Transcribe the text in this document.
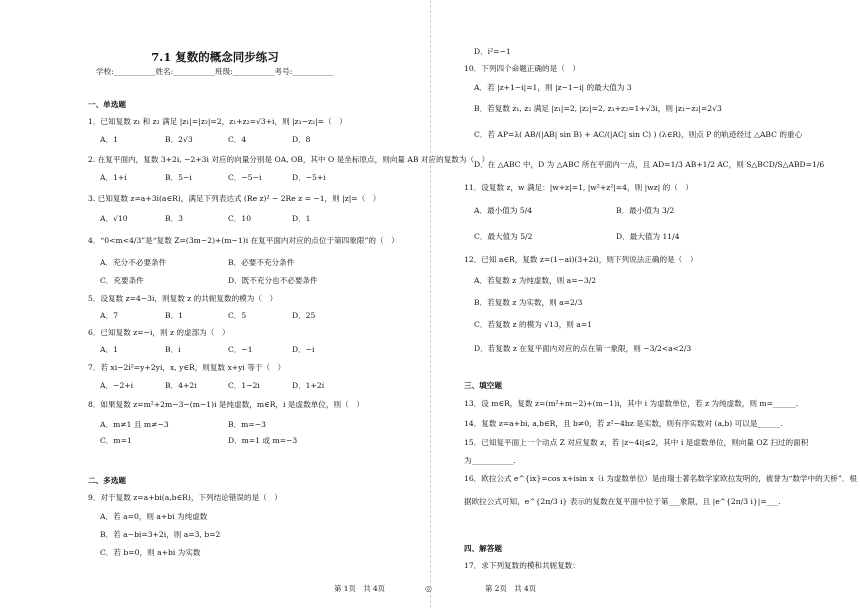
7.1 复数的概念同步练习
学校:___________姓名:___________班级:___________考号:___________
一、单选题
1．已知复数 z₁ 和 z₂ 满足 |z₁|=|z₂|=2，z₁+z₂=√3+i，则 |z₁−z₂|=（　）
A．1	B．2√3	C．4	D．8
2. 在复平面内，复数 3+2i, −2+3i 对应的向量分别是 OA, OB，其中 O 是坐标原点，则向量 AB 对应的复数为（　）
A．1+i	B．5−i	C．−5−i	D．−5+i
3. 已知复数 z=a+3i(a∈R)，满足下列表达式 (Re z)² − 2Re z = −1，则 |z|=（　）
A．√10	B．3	C．10	D．1
4．“0<m<4/3”是“复数 Z=(3m−2)+(m−1)i 在复平面内对应的点位于第四象限”的（　）
A．充分不必要条件	B．必要不充分条件
C．充要条件	D．既不充分也不必要条件
5．设复数 z=4−3i，则复数 z 的共轭复数的模为（　）
A．7	B．1	C．5	D．25
6．已知复数 z=−i，则 z 的虚部为（　）
A．1	B．i	C．−1	D．−i
7．若 xi−2i²=y+2yi，x, y∈R，则复数 x+yi 等于（　）
A．−2+i	B．4+2i	C．1−2i	D．1+2i
8．如果复数 z=m²+2m−3−(m−1)i 是纯虚数，m∈R，i 是虚数单位，则（　）
A．m≠1 且 m≠−3	B．m=−3
C．m=1	D．m=1 或 m=−3
二、多选题
9．对于复数 z=a+bi(a,b∈R)，下列结论错误的是（　）
A．若 a=0，则 a+bi 为纯虚数
B．若 a−bi=3+2i，则 a=3, b=2
C．若 b=0，则 a+bi 为实数
第 1页　共 4页	◎
D．i²=−1
10．下列四个命题正确的是（　）
A．若 |z+1−i|=1，则 |z−1−i| 的最大值为 3
B．若复数 z₁, z₂ 满足 |z₁|=2, |z₂|=2, z₁+z₂=1+√3i，则 |z₁−z₂|=2√3
C．若 AP=λ( AB/(|AB| sin B) + AC/(|AC| sin C) ) (λ∈R)，则点 P 的轨迹经过 △ABC 的重心
D．在 △ABC 中，D 为 △ABC 所在平面内一点，且 AD=1/3 AB+1/2 AC，则 S△BCD/S△ABD=1/6
11．设复数 z，w 满足：|w+z|=1, |w²+z²|=4，则 |wz| 的（　）
A．最小值为 5/4	B．最小值为 3/2
C．最大值为 5/2	D．最大值为 11/4
12．已知 a∈R，复数 z=(1−ai)(3+2i)，则下列说法正确的是（　）
A．若复数 z 为纯虚数，则 a=−3/2
B．若复数 z 为实数，则 a=2/3
C．若复数 z 的模为 √13，则 a=1
D．若复数 z 在复平面内对应的点在第一象限，则 −3/2<a<2/3
三、填空题
13．设 m∈R，复数 z=(m²+m−2)+(m−1)i，其中 i 为虚数单位，若 z 为纯虚数，则 m=______.
14．复数 z=a+bi, a,b∈R，且 b≠0，若 z²−4bz 是实数，则有序实数对 (a,b) 可以是______.
15．已知复平面上一个动点 Z 对应复数 z，若 |z−4i|≤2，其中 i 是虚数单位，则向量 OZ 扫过的面积
为___________.
16．欧拉公式 e^{ix}=cos x+isin x（i 为虚数单位）是由瑞士著名数学家欧拉发明的，被誉为“数学中的天桥”．根
据欧拉公式可知，e^{2π/3 i} 表示的复数在复平面中位于第___象限，且 |e^{2π/3 i}|=___.
四、解答题
17．求下列复数的模和共轭复数：
第 2页　共 4页
